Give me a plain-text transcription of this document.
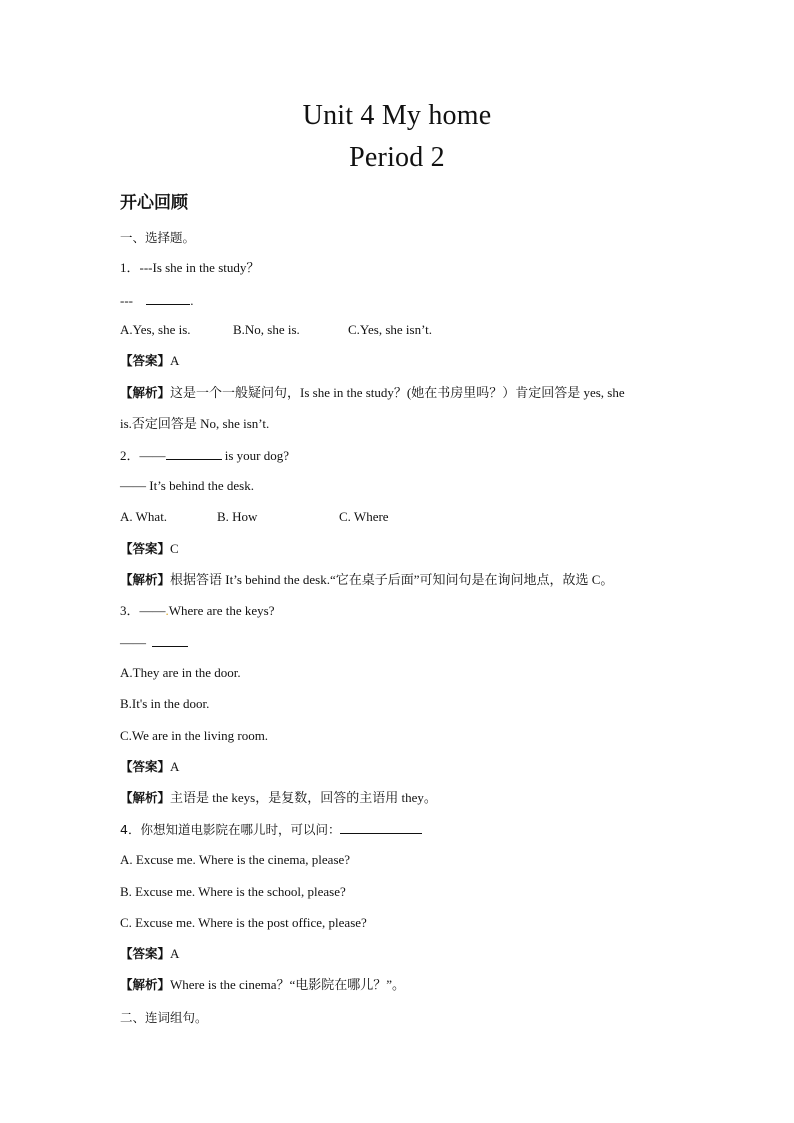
Unit 4 My home
Period 2
开心回顾

一、选择题。

1．---Is she in the study？

---	.

A.Yes, she is.	B.No, she is.	C.Yes, she isn’t.

【答案】A

【解析】这是一个一般疑问句，Is she in the study？(她在书房里吗？）肯定回答是 yes, she

is.否定回答是 No, she isn’t.

2．——	is your dog?

—— It’s behind the desk.

A. What.	B. How	C. Where

【答案】C

【解析】根据答语 It’s behind the desk.“它在桌子后面”可知问句是在询问地点，故选 C。

3．——.Where are the keys?

——

A.They are in the door.

B.It's in the door.

C.We are in the living room.

【答案】A

【解析】主语是 the keys，是复数，回答的主语用 they。

4．你想知道电影院在哪儿时，可以问：

A. Excuse me. Where is the cinema, please?

B. Excuse me. Where is the school, please?

C. Excuse me. Where is the post office, please?

【答案】A

【解析】Where is the cinema？“电影院在哪儿？”。

二、连词组句。
